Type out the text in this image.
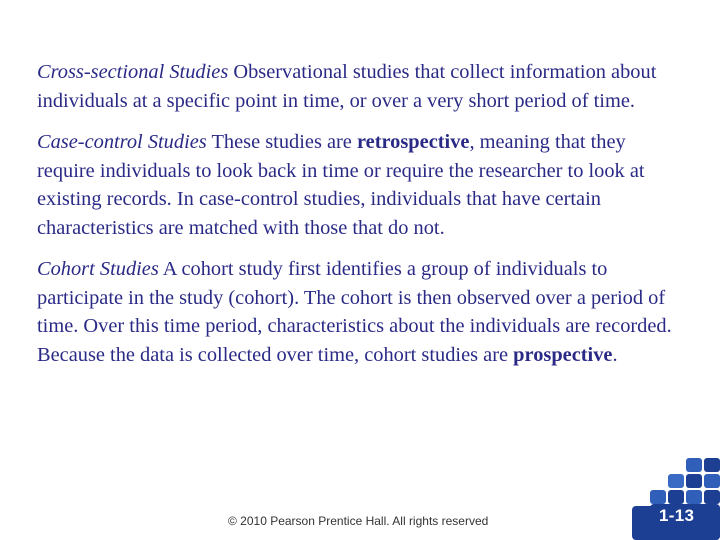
Cross-sectional Studies Observational studies that collect information about individuals at a specific point in time, or over a very short period of time.

Case-control Studies These studies are retrospective, meaning that they require individuals to look back in time or require the researcher to look at existing records. In case-control studies, individuals that have certain characteristics are matched with those that do not.

Cohort Studies A cohort study first identifies a group of individuals to participate in the study (cohort). The cohort is then observed over a period of time. Over this time period, characteristics about the individuals are recorded. Because the data is collected over time, cohort studies are prospective.

© 2010 Pearson Prentice Hall. All rights reserved	1-13
